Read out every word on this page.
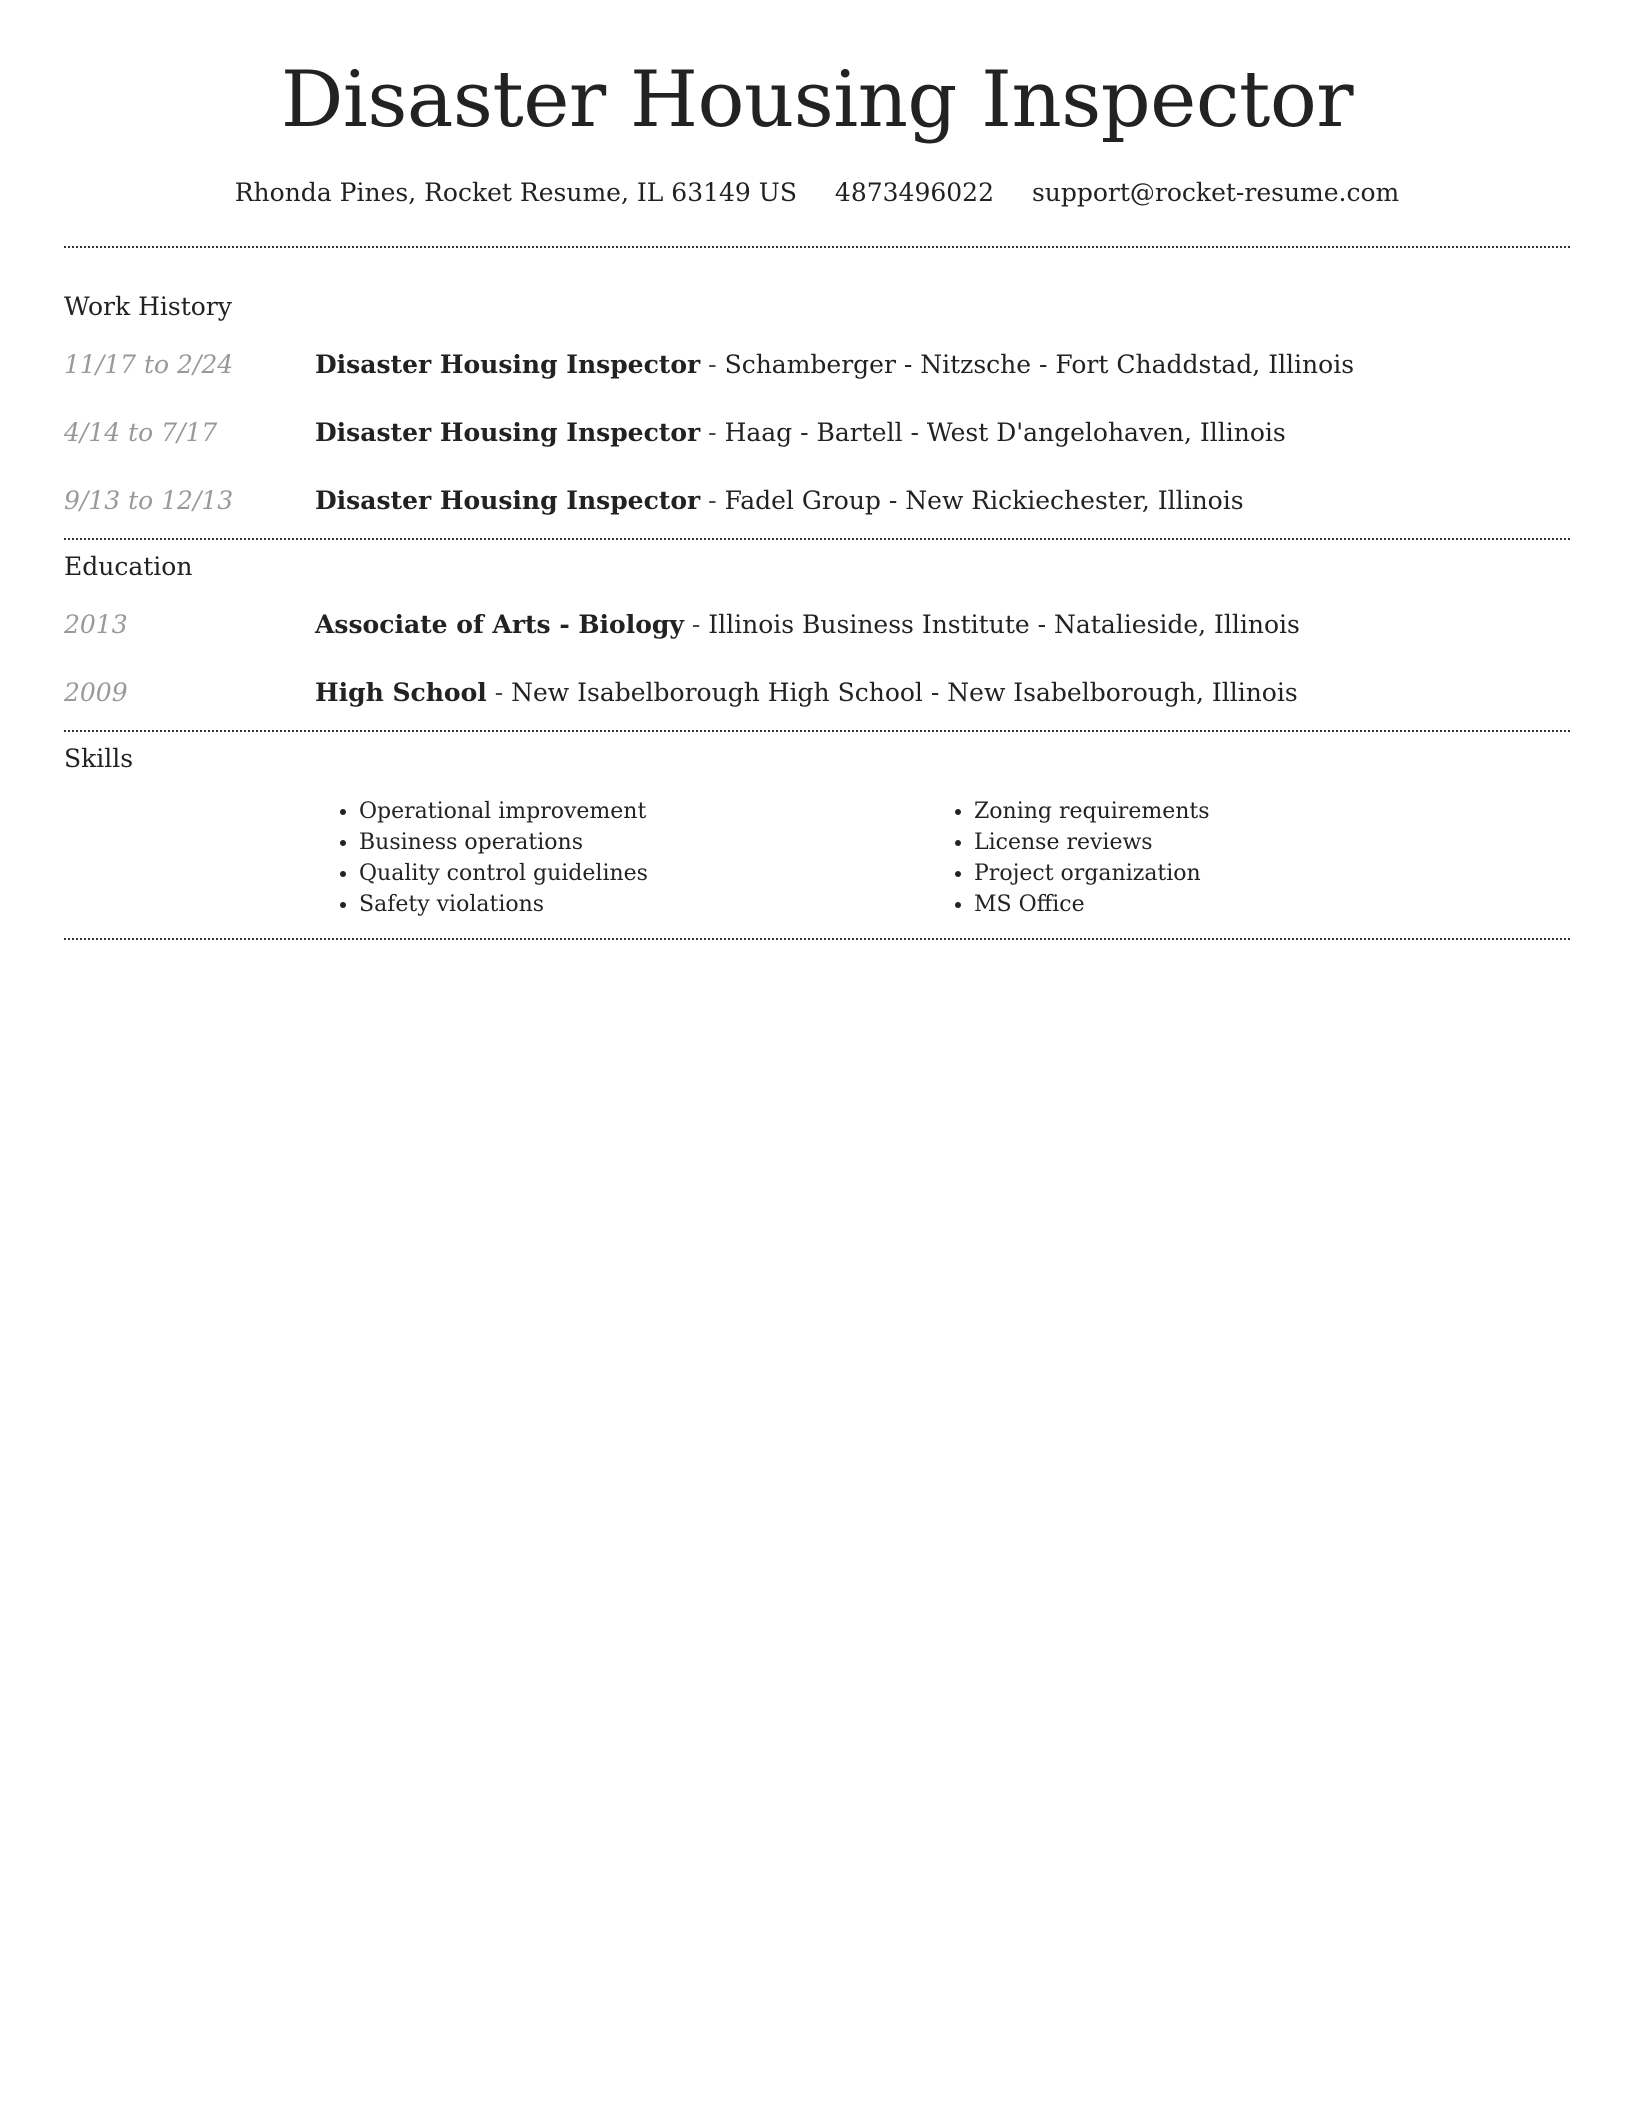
Disaster Housing Inspector
Rhonda Pines, Rocket Resume, IL 63149 US 4873496022 support@rocket-resume.com
Work History
11/17 to 2/24	Disaster Housing Inspector - Schamberger - Nitzsche - Fort Chaddstad, Illinois
4/14 to 7/17	Disaster Housing Inspector - Haag - Bartell - West D'angelohaven, Illinois
9/13 to 12/13	Disaster Housing Inspector - Fadel Group - New Rickiechester, Illinois
Education
2013	Associate of Arts - Biology - Illinois Business Institute - Natalieside, Illinois
2009	High School - New Isabelborough High School - New Isabelborough, Illinois
Skills
• Operational improvement
• Business operations
• Quality control guidelines
• Safety violations
• Zoning requirements
• License reviews
• Project organization
• MS Office
